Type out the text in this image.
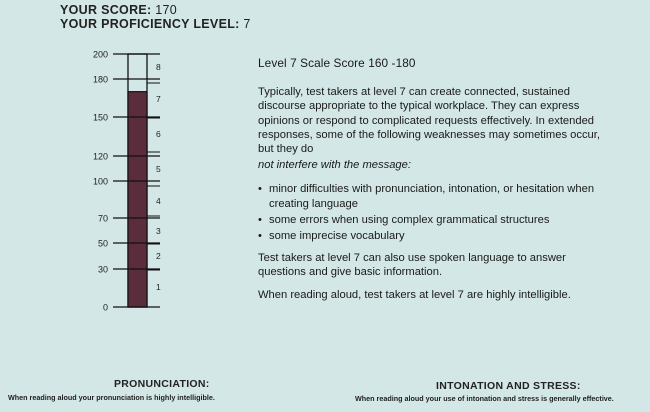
YOUR SCORE: 170
YOUR PROFICIENCY LEVEL: 7
200
180
150
120
100
70
50
30
0
8
7
6
5
4
3
2
1
Level 7 Scale Score 160 -180

Typically, test takers at level 7 can create connected, sustained discourse appropriate to the typical workplace. They can express opinions or respond to complicated requests effectively. In extended responses, some of the following weaknesses may sometimes occur, but they do

not interfere with the message:
• minor difficulties with pronunciation, intonation, or hesitation when creating language
• some errors when using complex grammatical structures
• some imprecise vocabulary

Test takers at level 7 can also use spoken language to answer questions and give basic information.

When reading aloud, test takers at level 7 are highly intelligible.

PRONUNCIATION:
When reading aloud your pronunciation is highly intelligible.
INTONATION AND STRESS:
When reading aloud your use of intonation and stress is generally effective.
